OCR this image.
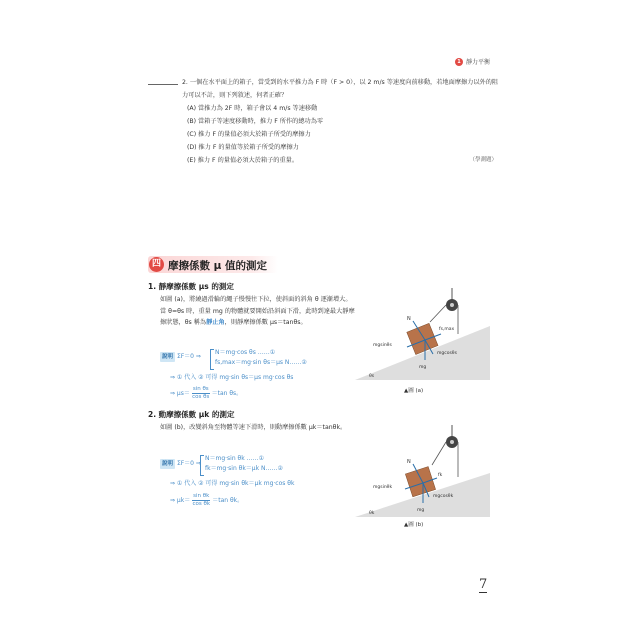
1 靜力平衡
2. 一個在水平面上的箱子，當受到的水平推力為 F 時（F > 0），以 2 m/s 等速度向前移動，若地面摩擦力以外的阻力可以不計，則下列敘述，何者正確？
(A) 當推力為 2F 時，箱子會以 4 m/s 等速移動
(B) 當箱子等速度移動時，推力 F 所作的總功為零
(C) 推力 F 的量值必須大於箱子所受的摩擦力
(D) 推力 F 的量值等於箱子所受的摩擦力
(E) 推力 F 的量值必須大於箱子的重量。	（學測題）
四 摩擦係數 μ 值的測定
1. 靜摩擦係數 μs 的測定
如圖 (a)，將繞過滑輪的繩子慢慢往下拉，使斜面的斜角 θ 逐漸增大。當 θ=θs 時，重量 mg 的物體就要開始沿斜面下滑，此時到達最大靜摩擦狀態，θs 稱為靜止角，則靜摩擦係數 μs＝tanθs。
說明 ΣF＝0 ⇒
N＝mg·cos θs ……①
fs,max＝mg·sin θs＝μs N……②
⇒ ① 代入 ② 可得 mg·sin θs＝μs mg·cos θs
⇒ $\mu s= \frac{\text{sin θs}}{\text{cos θs}} =\tan$ θs。
2. 動摩擦係數 μk 的測定
如圖 (b)，改變斜角至物體等速下滑時，則動摩擦係數 μk＝tanθk。
說明 ΣF＝0 ⇒
N＝mg·sin θk ……①
fk＝mg·sin θk＝μk N……②
⇒ ① 代入 ② 可得 mg·sin θk＝μk mg·cos θk
⇒ $\mu k= \frac{\text{sin θk}}{\text{cos θk}} =\tan$ θk。
N
fs,max
mgsinθs
mgcosθs
mg
θs
▲圖 (a)
N
fk
mgsinθk
mgcosθk
mg
θk
▲圖 (b)
7
